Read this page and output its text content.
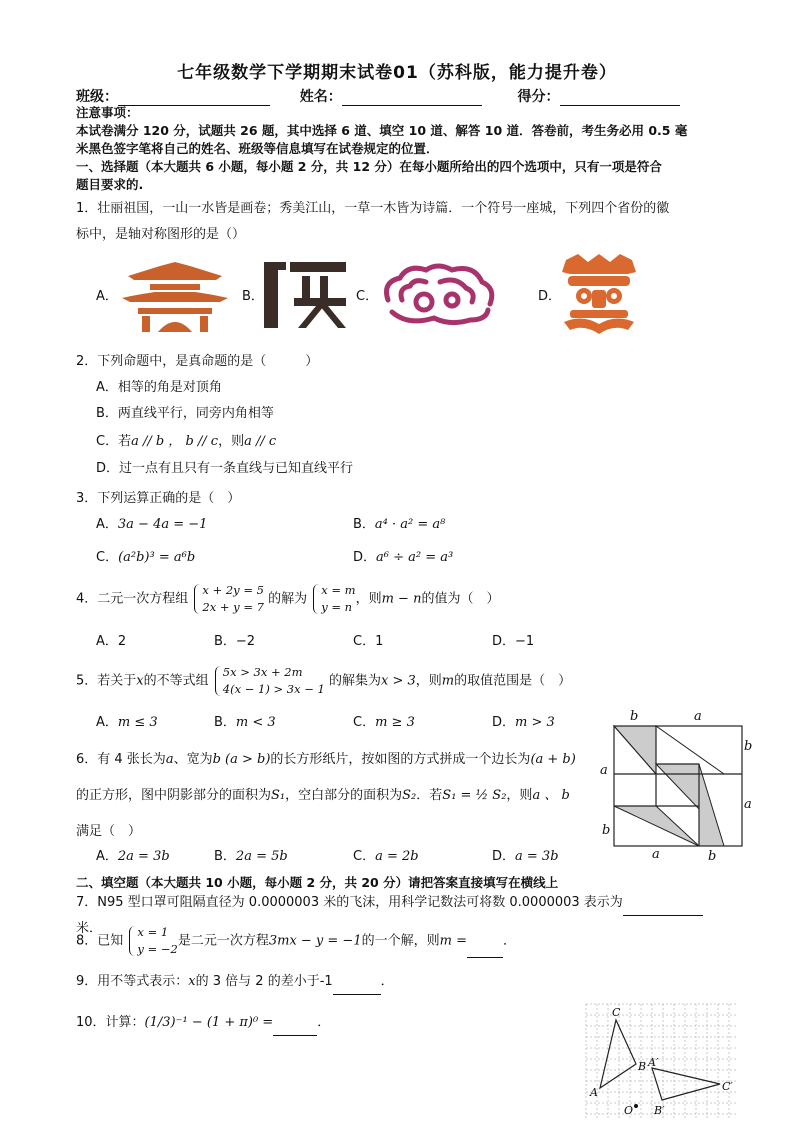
七年级数学下学期期末试卷01（苏科版，能力提升卷）
班级：	姓名：	得分：
注意事项：
本试卷满分 120 分，试题共 26 题，其中选择 6 道、填空 10 道、解答 10 道．答卷前，考生务必用 0.5 毫
米黑色签字笔将自己的姓名、班级等信息填写在试卷规定的位置．
一、选择题（本大题共 6 小题，每小题 2 分，共 12 分）在每小题所给出的四个选项中，只有一项是符合
题目要求的.
1．壮丽祖国，一山一水皆是画卷；秀美江山，一草一木皆为诗篇．一个符号一座城，下列四个省份的徽
标中，是轴对称图形的是（）
A．	B．	C．	D．
2．下列命题中，是真命题的是（　　　）
A．相等的角是对顶角
B．两直线平行，同旁内角相等
C．若a // b ， b // c，则a // c
D．过一点有且只有一条直线与已知直线平行
3．下列运算正确的是（　）
A．3a − 4a = −1	B．a⁴ · a² = a⁸
C．(a²b)³ = a⁶b	D．a⁶ ÷ a² = a³
4．二元一次方程组
x + 2y = 5
2x + y = 7
的解为
x = m
y = n
，则m − n的值为（　）
A．2	B．−2	C．1	D．−1
5．若关于x的不等式组
5x > 3x + 2m
4(x − 1) > 3x − 1
的解集为x > 3，则m的取值范围是（　）
A．m ≤ 3	B．m < 3	C．m ≥ 3	D．m > 3
6．有 4 张长为a、宽为b (a > b)的长方形纸片，按如图的方式拼成一个边长为(a + b)
的正方形，图中阴影部分的面积为S₁，空白部分的面积为S₂．若S₁ = ½ S₂，则a 、 b
满足（　）
A．2a = 3b	B．2a = 5b	C．a = 2b	D．a = 3b
b	a
b
a
a
b
a	b
二、填空题（本大题共 10 小题，每小题 2 分，共 20 分）请把答案直接填写在横线上
7．N95 型口罩可阻隔直径为 0.0000003 米的飞沫，用科学记数法可将数 0.0000003 表示为米．
8．已知
x = 1
y = −2
是二元一次方程3mx − y = −1的一个解，则m =	．
9．用不等式表示：x的 3 倍与 2 的差小于-1	．
10．计算：(1/3)⁻¹ − (1 + π)⁰ =	．
C
A
B A′
B′
C′
O
